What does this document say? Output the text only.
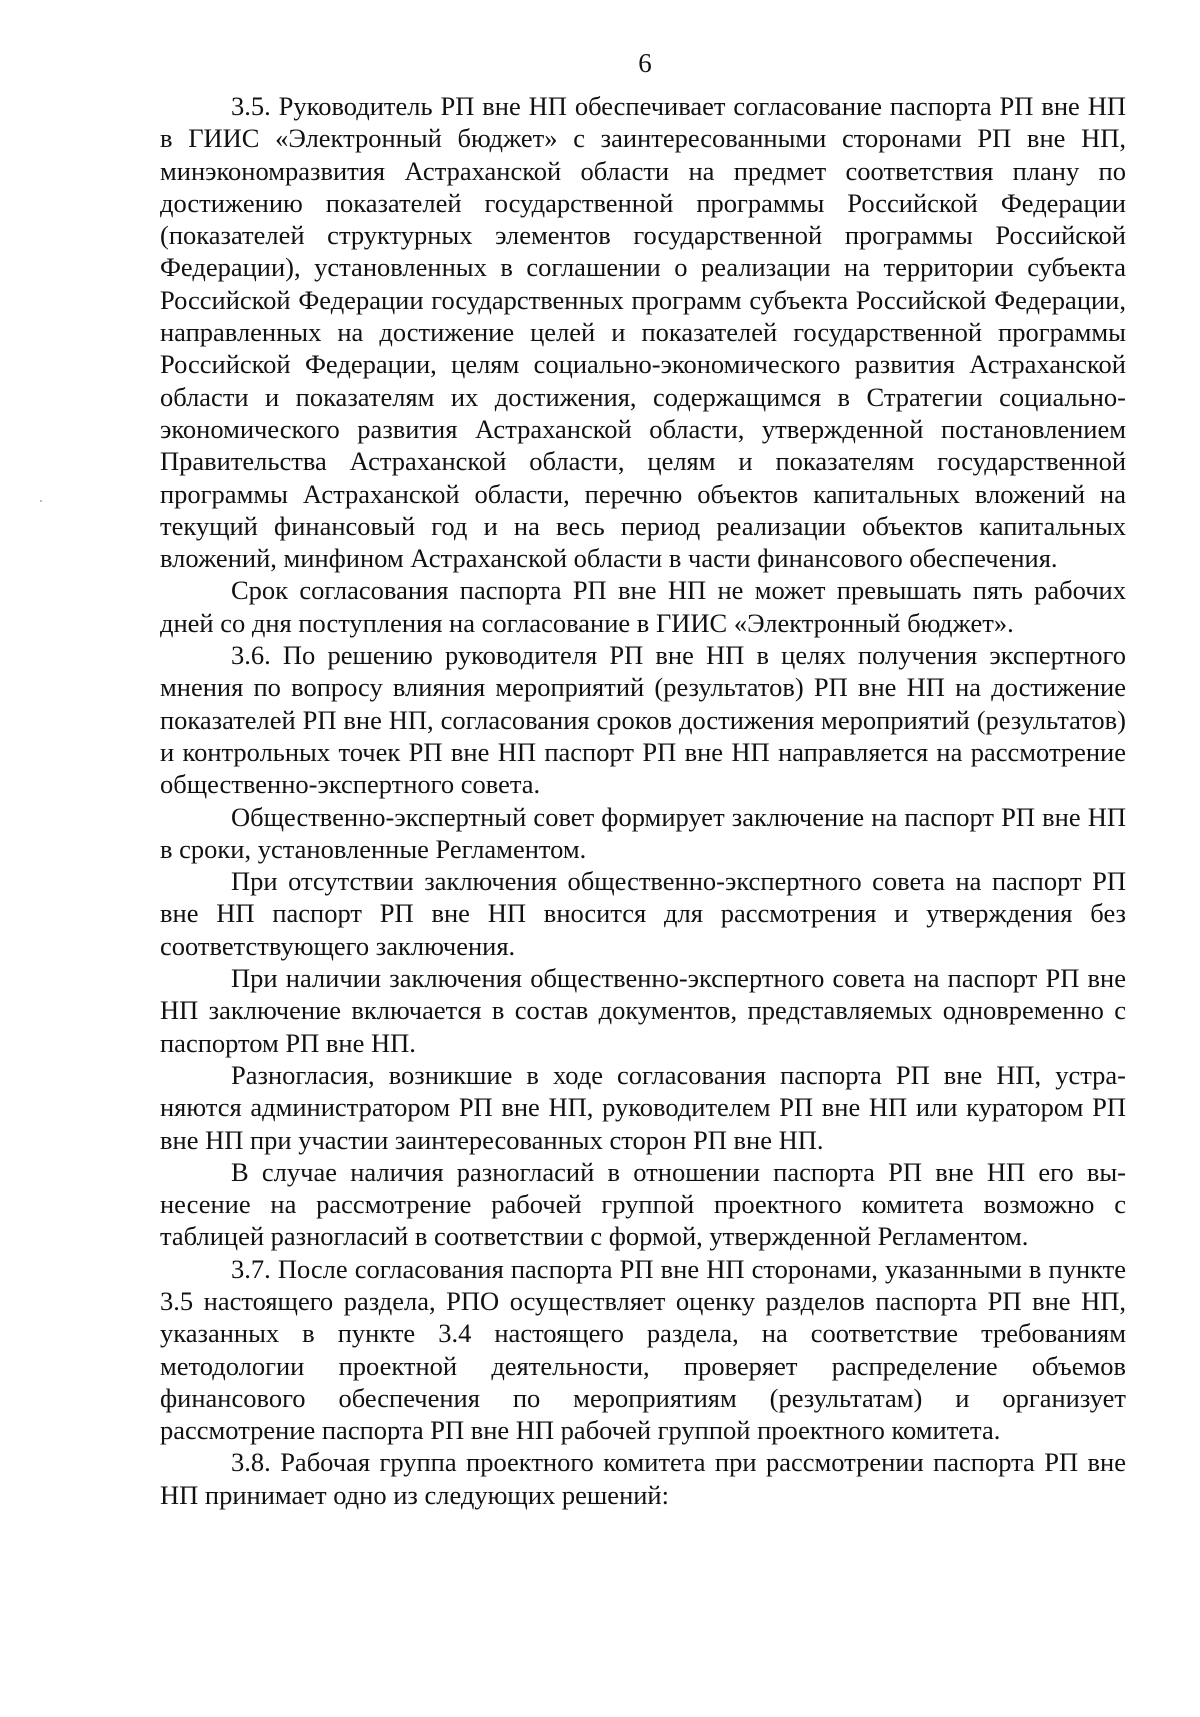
6

3.5. Руководитель РП вне НП обеспечивает согласование паспорта РП вне НП в ГИИС «Электронный бюджет» с заинтересованными сторонами РП вне НП, минэкономразвития Астраханской области на предмет соответствия плану по достижению показателей государственной программы Российской Федерации (показателей структурных элементов государственной программы Российской Федерации), установленных в соглашении о реализации на территории субъекта Российской Федерации государственных программ субъекта Российской Федерации, направленных на достижение целей и показателей государственной программы Российской Федерации, целям социально-экономического развития Астраханской области и показателям их достижения, содержащимся в Стратегии социально-экономического развития Астраханской области, утвержденной постановлением Правительства Астраханской области, целям и показателям государственной программы Астраханской области, перечню объектов капитальных вложений на текущий финансовый год и на весь период реализации объектов капитальных вложений, минфином Астраханской области в части финансового обеспечения.

Срок согласования паспорта РП вне НП не может превышать пять рабочих дней со дня поступления на согласование в ГИИС «Электронный бюджет».

3.6. По решению руководителя РП вне НП в целях получения экспертного мнения по вопросу влияния мероприятий (результатов) РП вне НП на достижение показателей РП вне НП, согласования сроков достижения мероприятий (результатов) и контрольных точек РП вне НП паспорт РП вне НП направляется на рассмотрение общественно-экспертного совета.

Общественно-экспертный совет формирует заключение на паспорт РП вне НП в сроки, установленные Регламентом.

При отсутствии заключения общественно-экспертного совета на паспорт РП вне НП паспорт РП вне НП вносится для рассмотрения и утверждения без соответствующего заключения.

При наличии заключения общественно-экспертного совета на паспорт РП вне НП заключение включается в состав документов, представляемых одновременно с паспортом РП вне НП.

Разногласия, возникшие в ходе согласования паспорта РП вне НП, устраняются администратором РП вне НП, руководителем РП вне НП или куратором РП вне НП при участии заинтересованных сторон РП вне НП.

В случае наличия разногласий в отношении паспорта РП вне НП его вынесение на рассмотрение рабочей группой проектного комитета возможно с таблицей разногласий в соответствии с формой, утвержденной Регламентом.

3.7. После согласования паспорта РП вне НП сторонами, указанными в пункте 3.5 настоящего раздела, РПО осуществляет оценку разделов паспорта РП вне НП, указанных в пункте 3.4 настоящего раздела, на соответствие требованиям методологии проектной деятельности, проверяет распределение объемов финансового обеспечения по мероприятиям (результатам) и организует рассмотрение паспорта РП вне НП рабочей группой проектного комитета.

3.8. Рабочая группа проектного комитета при рассмотрении паспорта РП вне НП принимает одно из следующих решений:
